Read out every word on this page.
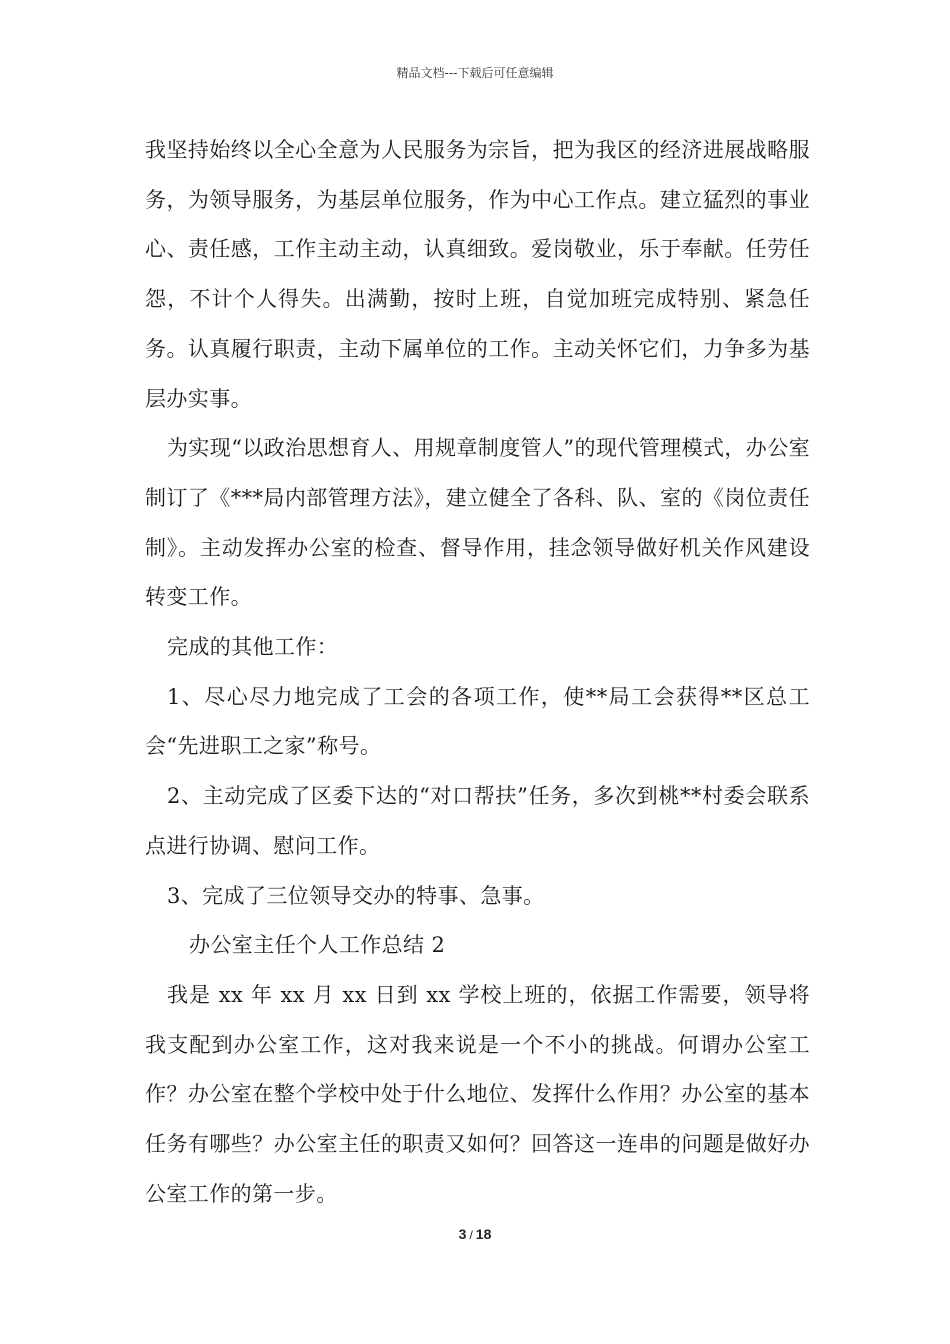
精品文档---下载后可任意编辑

我坚持始终以全心全意为人民服务为宗旨，把为我区的经济进展战略服务，为领导服务，为基层单位服务，作为中心工作点。建立猛烈的事业心、责任感，工作主动主动，认真细致。爱岗敬业，乐于奉献。任劳任怨，不计个人得失。出满勤，按时上班，自觉加班完成特别、紧急任务。认真履行职责，主动下属单位的工作。主动关怀它们，力争多为基层办实事。

为实现“以政治思想育人、用规章制度管人”的现代管理模式，办公室制订了《***局内部管理方法》，建立健全了各科、队、室的《岗位责任制》。主动发挥办公室的检查、督导作用，挂念领导做好机关作风建设转变工作。

完成的其他工作：

1、尽心尽力地完成了工会的各项工作，使**局工会获得**区总工会“先进职工之家”称号。

2、主动完成了区委下达的“对口帮扶”任务，多次到桃**村委会联系点进行协调、慰问工作。

3、完成了三位领导交办的特事、急事。

办公室主任个人工作总结 2

我是 xx 年 xx 月 xx 日到 xx 学校上班的，依据工作需要，领导将我支配到办公室工作，这对我来说是一个不小的挑战。何谓办公室工作？办公室在整个学校中处于什么地位、发挥什么作用？办公室的基本任务有哪些？办公室主任的职责又如何？回答这一连串的问题是做好办公室工作的第一步。

3 / 18
